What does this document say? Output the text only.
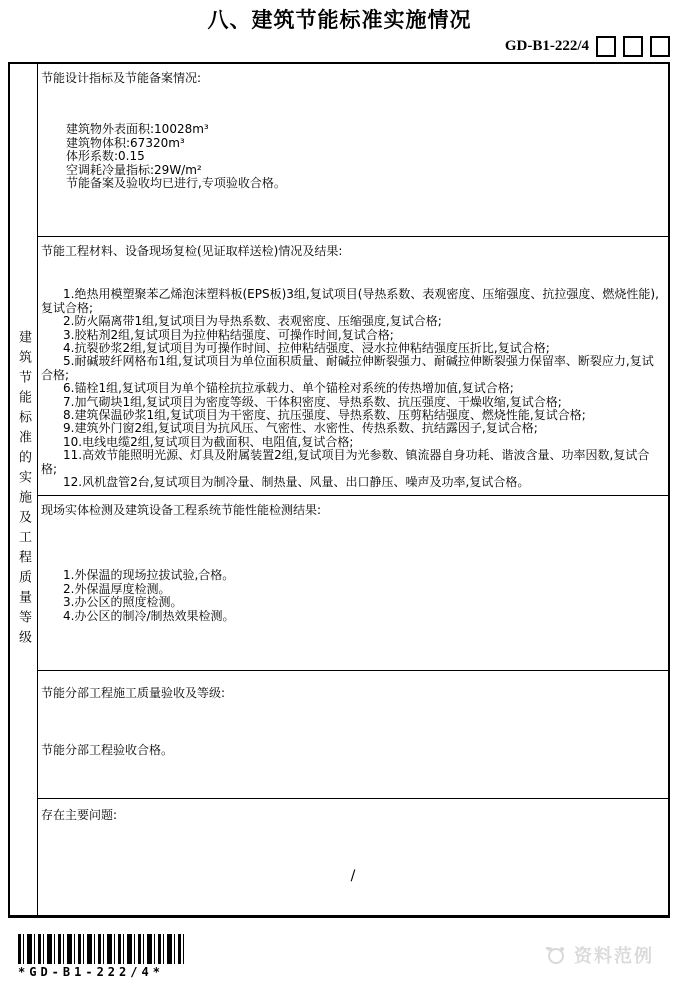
八、建筑节能标准实施情况
GD-B1-222/4
建筑节能标准的实施及工程质量等级
节能设计指标及节能备案情况:

建筑物外表面积:10028m³

建筑物体积:67320m³

体形系数:0.15

空调耗冷量指标:29W/m²

节能备案及验收均已进行,专项验收合格。

节能工程材料、设备现场复检(见证取样送检)情况及结果:

1.绝热用模塑聚苯乙烯泡沫塑料板(EPS板)3组,复试项目(导热系数、表观密度、压缩强度、抗拉强度、燃烧性能),复试合格;

2.防火隔离带1组,复试项目为导热系数、表观密度、压缩强度,复试合格;

3.胶粘剂2组,复试项目为拉伸粘结强度、可操作时间,复试合格;

4.抗裂砂浆2组,复试项目为可操作时间、拉伸粘结强度、浸水拉伸粘结强度压折比,复试合格;

5.耐碱玻纤网格布1组,复试项目为单位面积质量、耐碱拉伸断裂强力、耐碱拉伸断裂强力保留率、断裂应力,复试合格;

6.锚栓1组,复试项目为单个锚栓抗拉承载力、单个锚栓对系统的传热增加值,复试合格;

7.加气砌块1组,复试项目为密度等级、干体积密度、导热系数、抗压强度、干燥收缩,复试合格;

8.建筑保温砂浆1组,复试项目为干密度、抗压强度、导热系数、压剪粘结强度、燃烧性能,复试合格;

9.建筑外门窗2组,复试项目为抗风压、气密性、水密性、传热系数、抗结露因子,复试合格;

10.电线电缆2组,复试项目为截面积、电阻值,复试合格;

11.高效节能照明光源、灯具及附属装置2组,复试项目为光参数、镇流器自身功耗、谐波含量、功率因数,复试合格;

12.风机盘管2台,复试项目为制冷量、制热量、风量、出口静压、噪声及功率,复试合格。

现场实体检测及建筑设备工程系统节能性能检测结果:

1.外保温的现场拉拔试验,合格。

2.外保温厚度检测。

3.办公区的照度检测。

4.办公区的制冷/制热效果检测。

节能分部工程施工质量验收及等级:
节能分部工程验收合格。
存在主要问题:
/
*GD-B1-222/4*
资料范例
